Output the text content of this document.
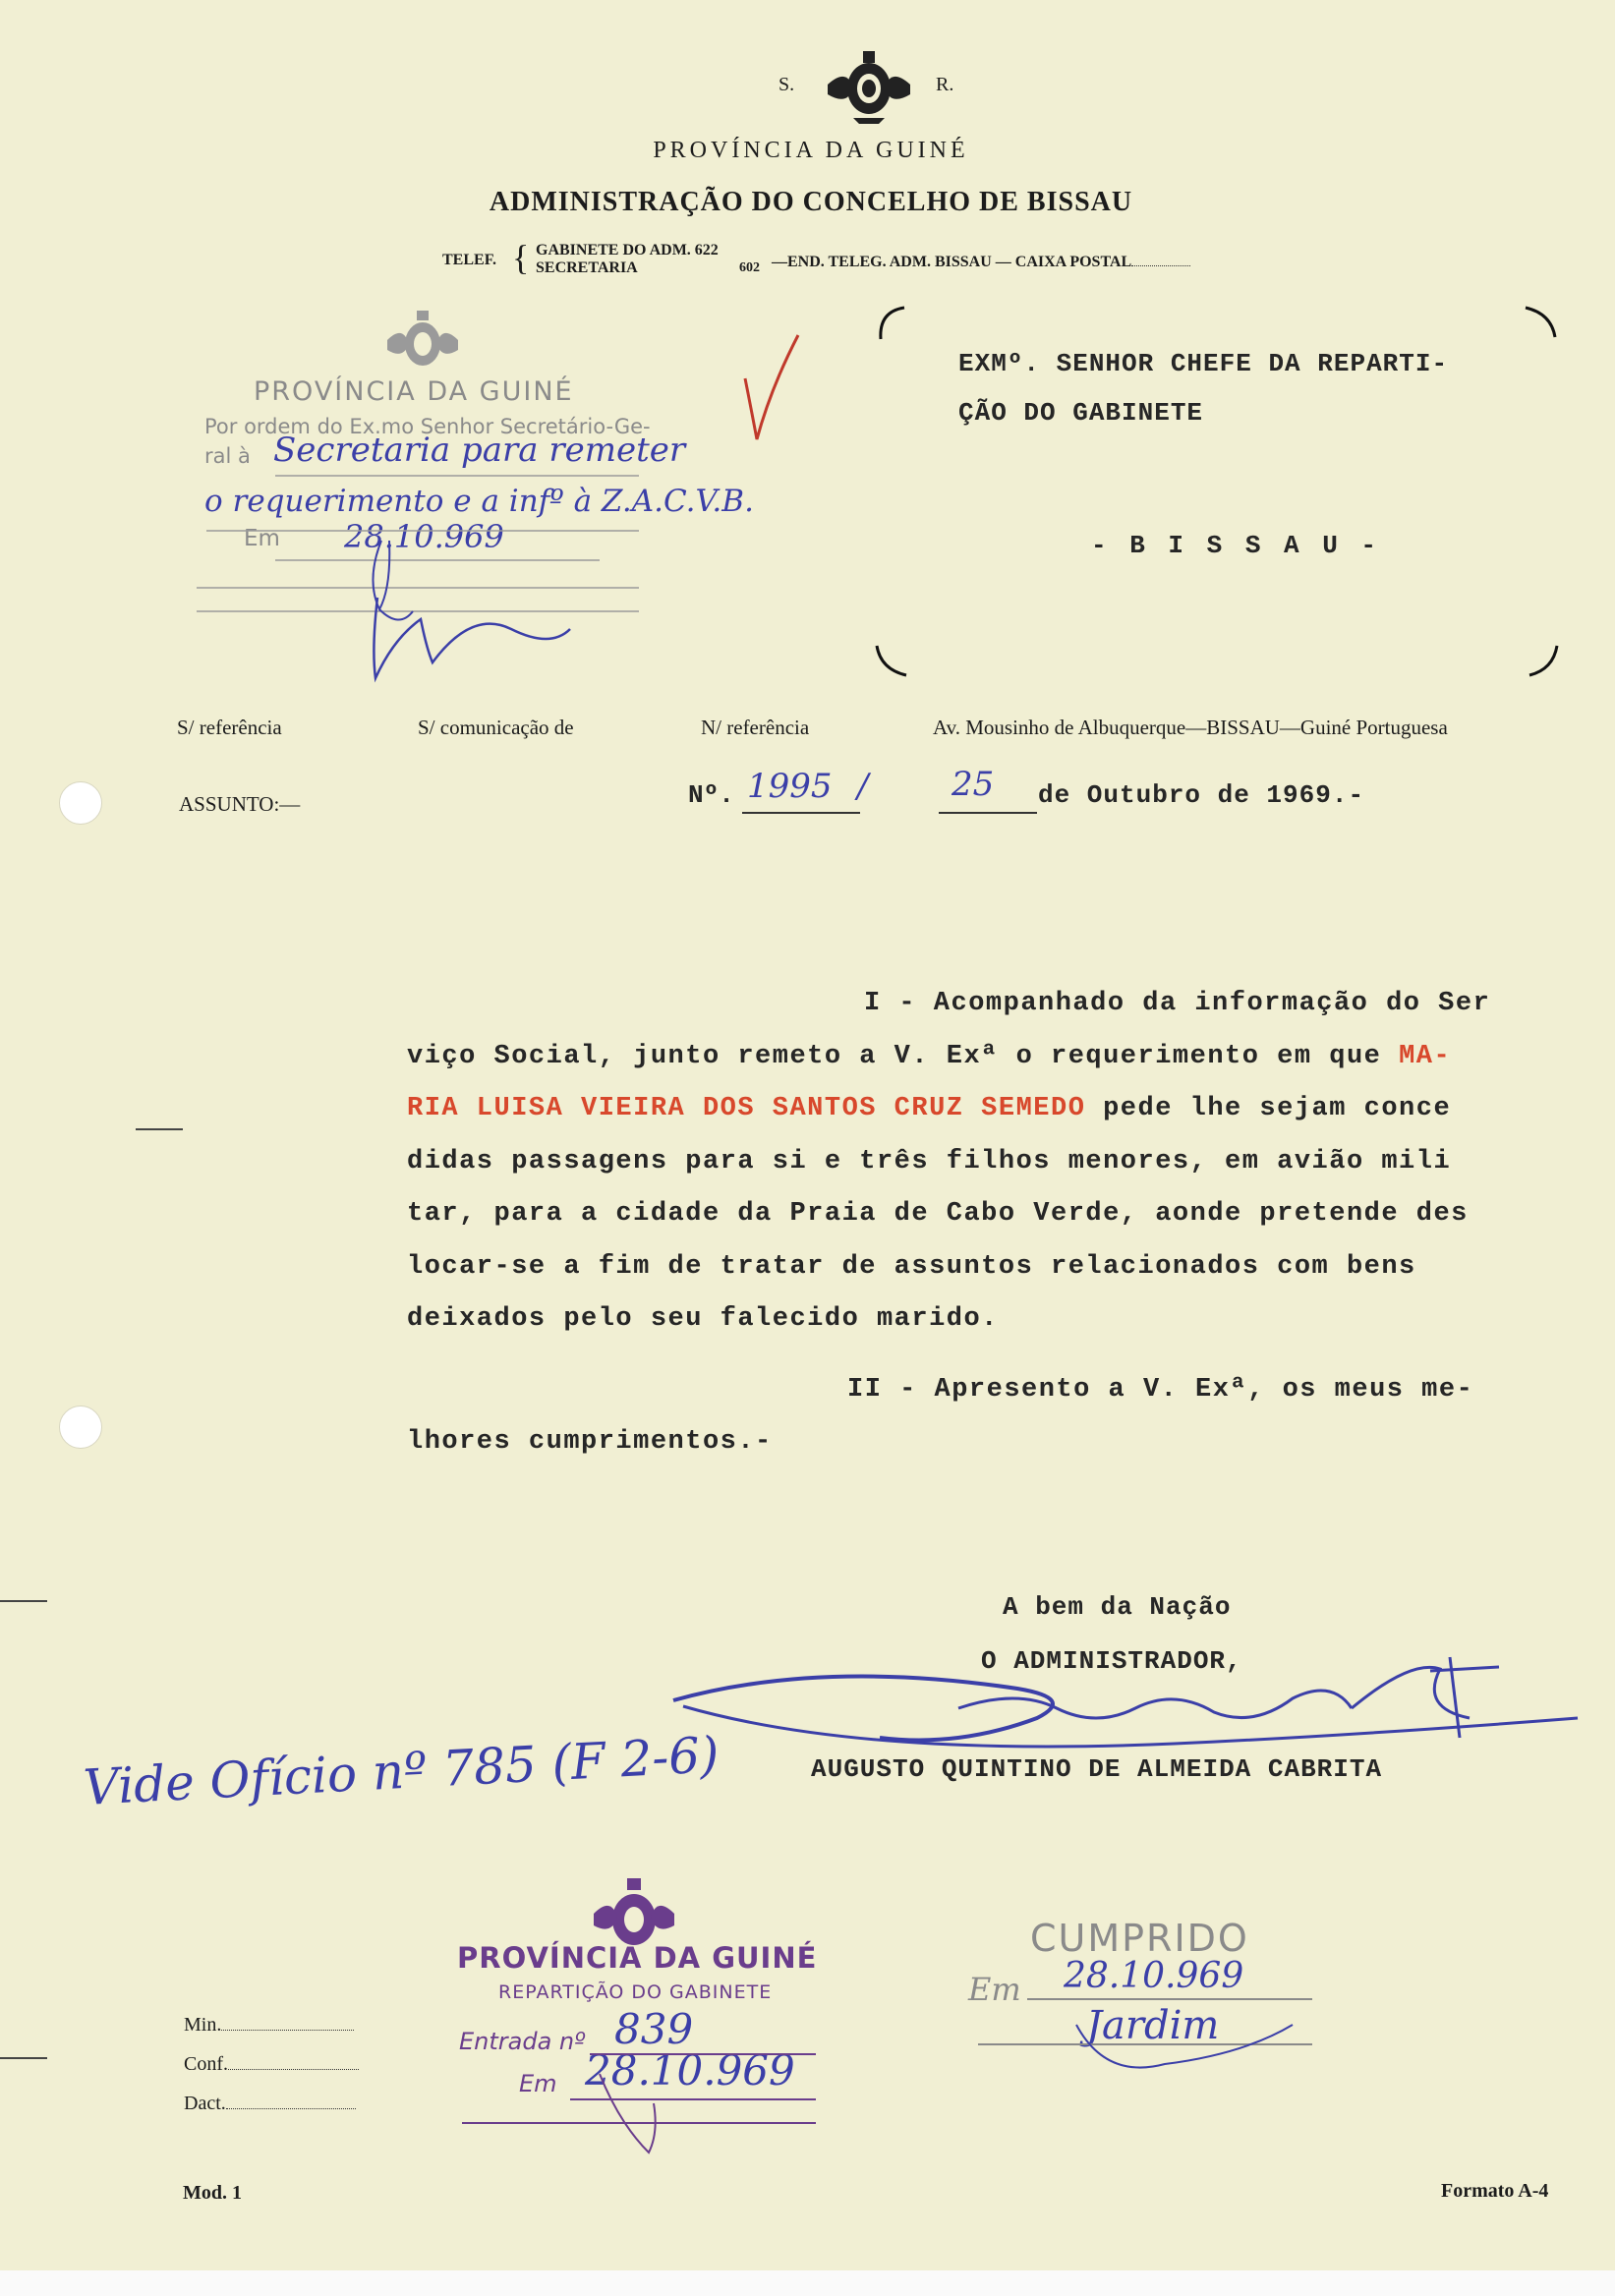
S.	R.
PROVÍNCIA DA GUINÉ
ADMINISTRAÇÃO DO CONCELHO DE BISSAU
TELEF. { GABINETE DO ADM. 622
SECRETARIA	602 —END. TELEG. ADM. BISSAU — CAIXA POSTAL
EXMº. SENHOR CHEFE DA REPARTI-
ÇÃO DO GABINETE
- B I S S A U -
PROVÍNCIA DA GUINÉ
Por ordem do Ex.mo Senhor Secretário-Ge-
ral à Secretaria para remeter
o requerimento e a infº à Z.A.C.V.B.
Em 28.10.969
S/ referência	S/ comunicação de	N/ referência	Av. Mousinho de Albuquerque—BISSAU—Guiné Portuguesa
ASSUNTO:—	Nº. 1995 / 25 de Outubro de 1969.-
I - Acompanhado da informação do Ser
viço Social, junto remeto a V. Exª o requerimento em que MA-
RIA LUISA VIEIRA DOS SANTOS CRUZ SEMEDO pede lhe sejam conce
didas passagens para si e três filhos menores, em avião mili
tar, para a cidade da Praia de Cabo Verde, aonde pretende des
locar-se a fim de tratar de assuntos relacionados com bens
deixados pelo seu falecido marido.
II - Apresento a V. Exª, os meus me-
lhores cumprimentos.-
A bem da Nação
O ADMINISTRADOR,
AUGUSTO QUINTINO DE ALMEIDA CABRITA
Vide Ofício nº 785 (F 2-6)
PROVÍNCIA DA GUINÉ
REPARTIÇÃO DO GABINETE
Entrada nº 839
Em 28.10.969
CUMPRIDO
Em 28.10.969
Jardim
Min.
Conf.
Dact.
Mod. 1	Formato A-4
